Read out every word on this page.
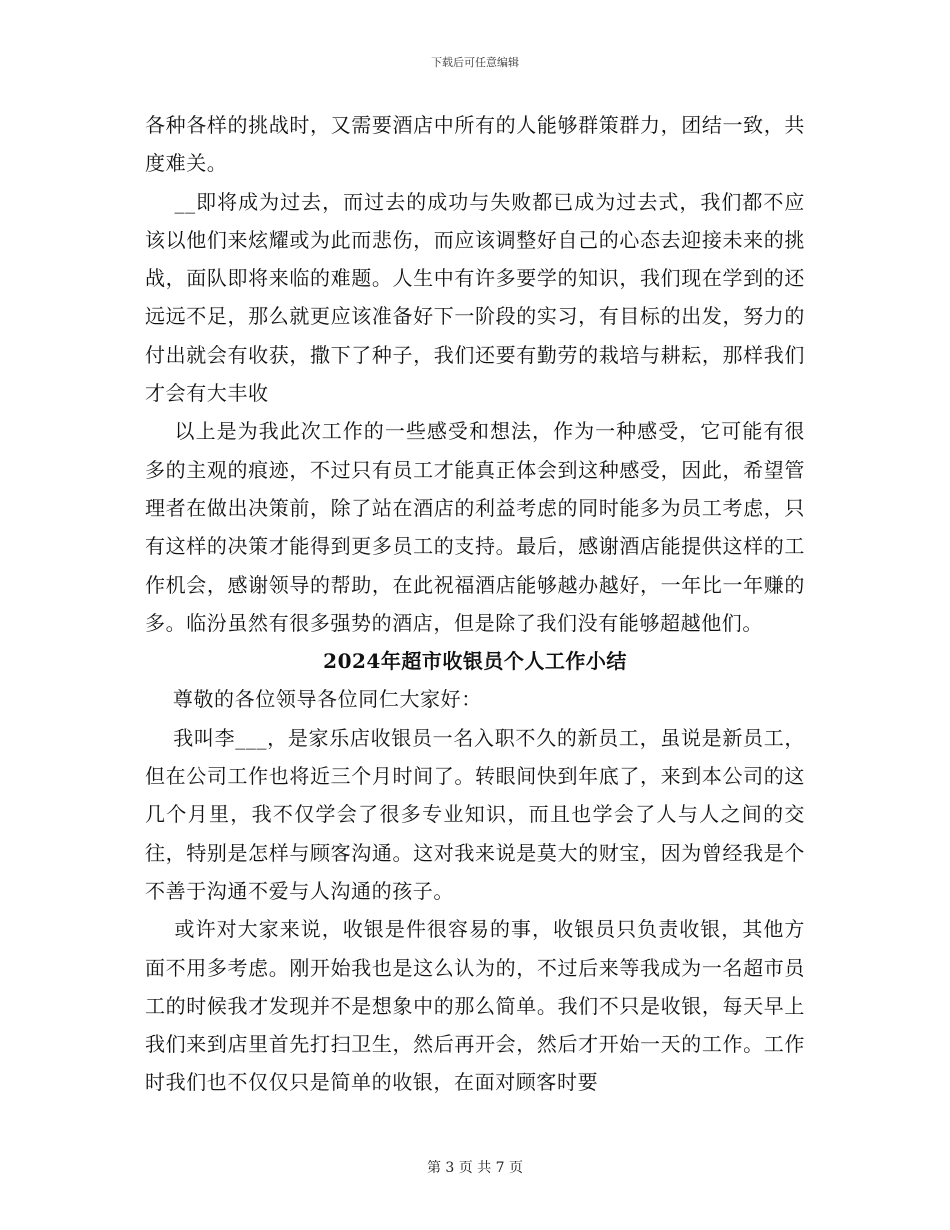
下载后可任意编辑

各种各样的挑战时，又需要酒店中所有的人能够群策群力，团结一致，共度难关。

__即将成为过去，而过去的成功与失败都已成为过去式，我们都不应该以他们来炫耀或为此而悲伤，而应该调整好自己的心态去迎接未来的挑战，面队即将来临的难题。人生中有许多要学的知识，我们现在学到的还远远不足，那么就更应该准备好下一阶段的实习，有目标的出发，努力的付出就会有收获，撒下了种子，我们还要有勤劳的栽培与耕耘，那样我们才会有大丰收

以上是为我此次工作的一些感受和想法，作为一种感受，它可能有很多的主观的痕迹，不过只有员工才能真正体会到这种感受，因此，希望管理者在做出决策前，除了站在酒店的利益考虑的同时能多为员工考虑，只有这样的决策才能得到更多员工的支持。最后，感谢酒店能提供这样的工作机会，感谢领导的帮助，在此祝福酒店能够越办越好，一年比一年赚的多。临汾虽然有很多强势的酒店，但是除了我们没有能够超越他们。

2024年超市收银员个人工作小结

尊敬的各位领导各位同仁大家好：

我叫李___，是家乐店收银员一名入职不久的新员工，虽说是新员工，但在公司工作也将近三个月时间了。转眼间快到年底了，来到本公司的这几个月里，我不仅学会了很多专业知识，而且也学会了人与人之间的交往，特别是怎样与顾客沟通。这对我来说是莫大的财宝，因为曾经我是个不善于沟通不爱与人沟通的孩子。

或许对大家来说，收银是件很容易的事，收银员只负责收银，其他方面不用多考虑。刚开始我也是这么认为的，不过后来等我成为一名超市员工的时候我才发现并不是想象中的那么简单。我们不只是收银，每天早上我们来到店里首先打扫卫生，然后再开会，然后才开始一天的工作。工作时我们也不仅仅只是简单的收银，在面对顾客时要

第 3 页 共 7 页
